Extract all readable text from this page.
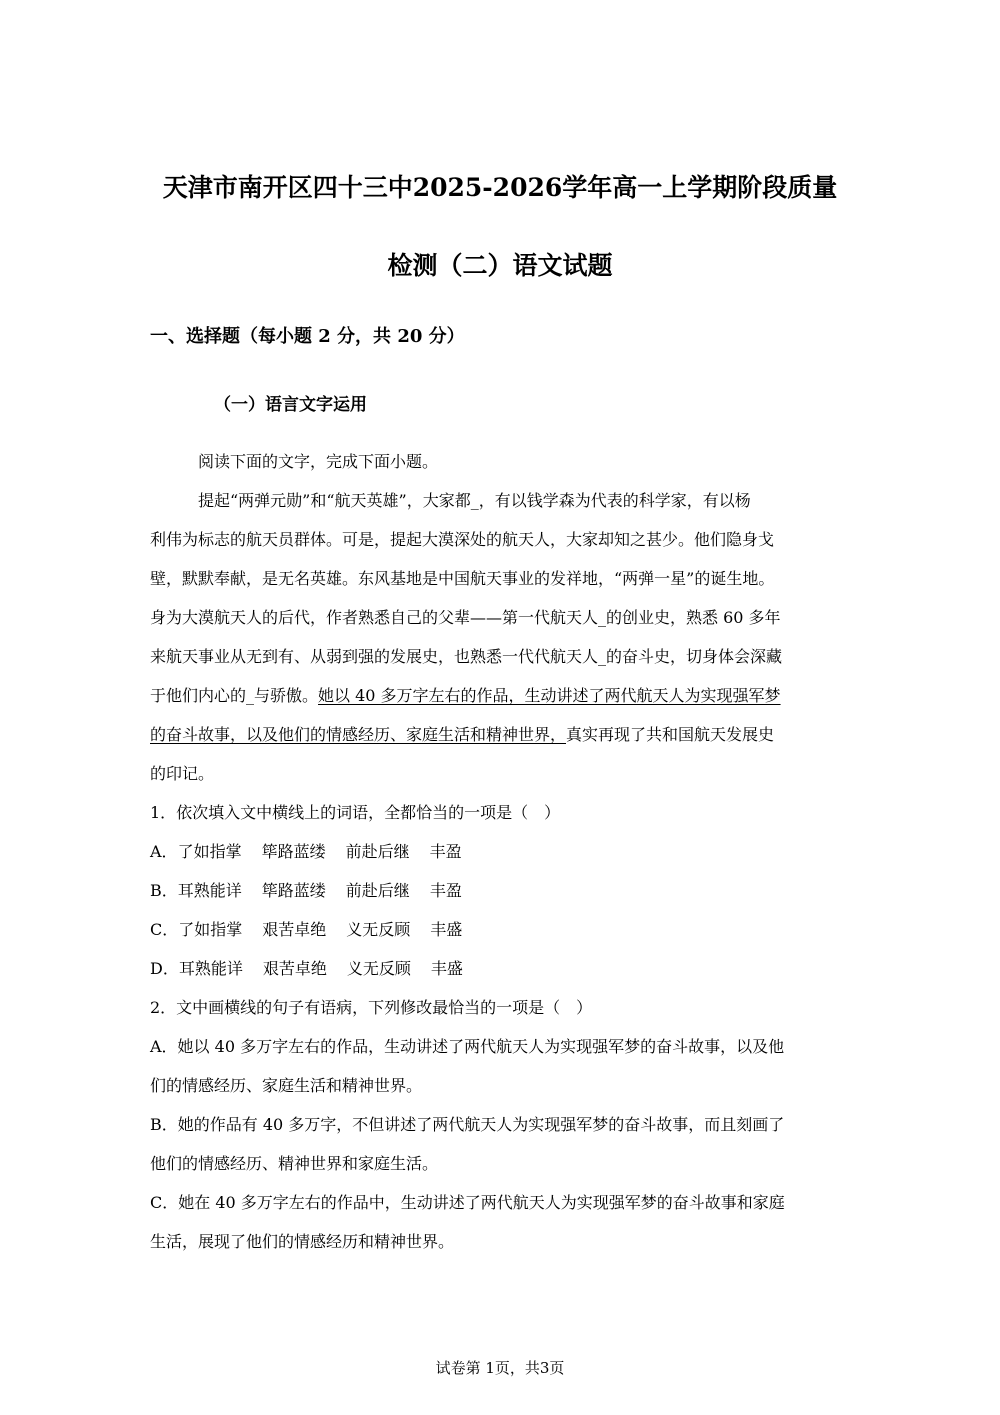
天津市南开区四十三中2025-2026学年高一上学期阶段质量
检测（二）语文试题
一、选择题（每小题 2 分，共 20 分）
（一）语言文字运用
阅读下面的文字，完成下面小题。
提起“两弹元勋”和“航天英雄”，大家都_，有以钱学森为代表的科学家，有以杨
利伟为标志的航天员群体。可是，提起大漠深处的航天人，大家却知之甚少。他们隐身戈
壁，默默奉献，是无名英雄。东风基地是中国航天事业的发祥地，“两弹一星”的诞生地。
身为大漠航天人的后代，作者熟悉自己的父辈——第一代航天人_的创业史，熟悉 60 多年
来航天事业从无到有、从弱到强的发展史，也熟悉一代代航天人_的奋斗史，切身体会深藏
于他们内心的_与骄傲。她以 40 多万字左右的作品，生动讲述了两代航天人为实现强军梦
的奋斗故事，以及他们的情感经历、家庭生活和精神世界，真实再现了共和国航天发展史
的印记。
1．依次填入文中横线上的词语，全都恰当的一项是（　）
A．了如指掌 筚路蓝缕 前赴后继 丰盈
B．耳熟能详 筚路蓝缕 前赴后继 丰盈
C．了如指掌 艰苦卓绝 义无反顾 丰盛
D．耳熟能详 艰苦卓绝 义无反顾 丰盛
2．文中画横线的句子有语病，下列修改最恰当的一项是（　）
A．她以 40 多万字左右的作品，生动讲述了两代航天人为实现强军梦的奋斗故事，以及他
们的情感经历、家庭生活和精神世界。
B．她的作品有 40 多万字，不但讲述了两代航天人为实现强军梦的奋斗故事，而且刻画了
他们的情感经历、精神世界和家庭生活。
C．她在 40 多万字左右的作品中，生动讲述了两代航天人为实现强军梦的奋斗故事和家庭
生活，展现了他们的情感经历和精神世界。
试卷第 1页，共3页
